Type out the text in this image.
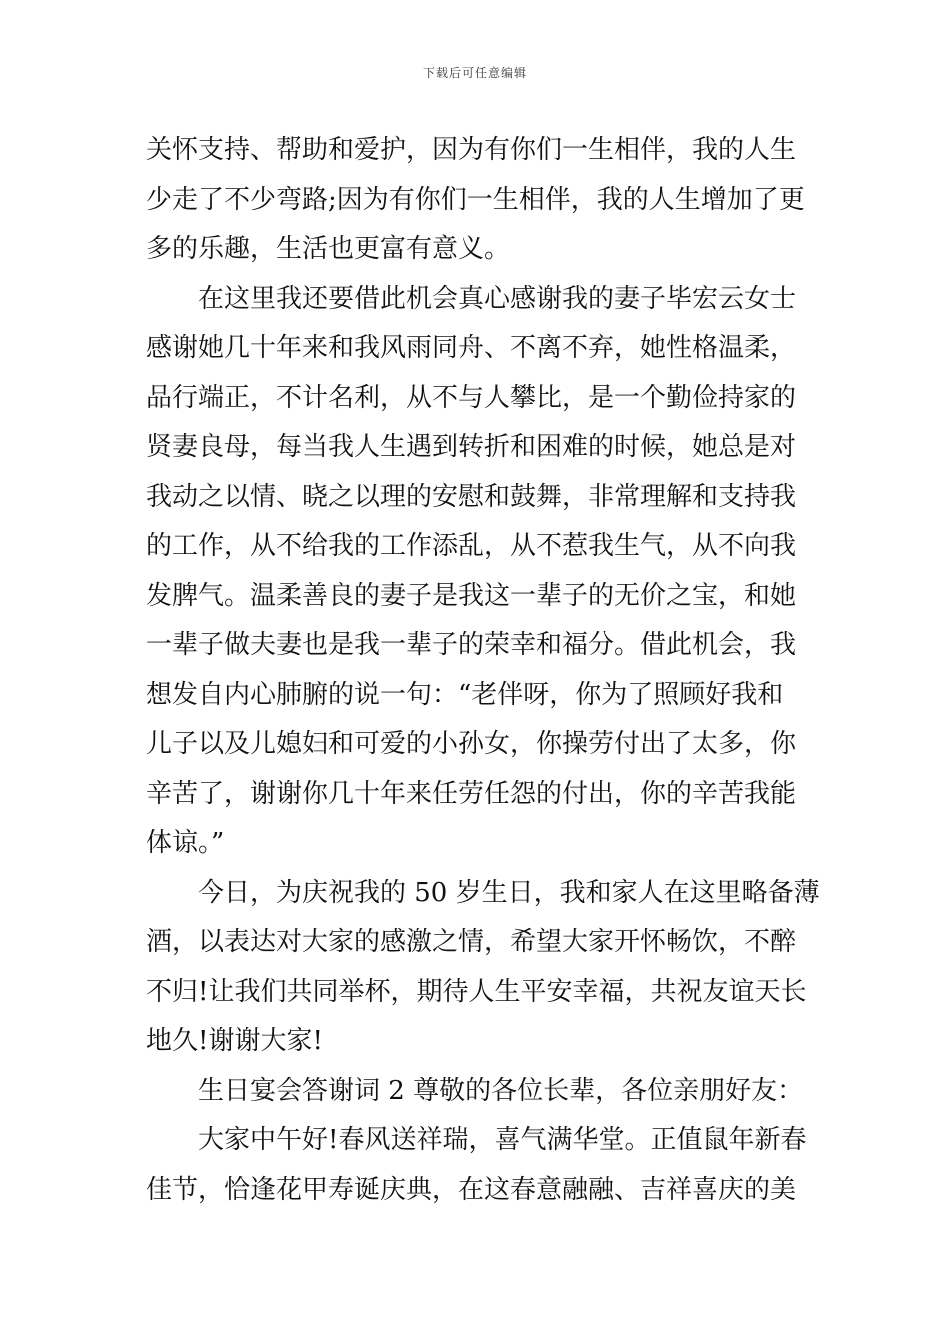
下载后可任意编辑
关怀支持、帮助和爱护，因为有你们一生相伴，我的人生
少走了不少弯路;因为有你们一生相伴，我的人生增加了更
多的乐趣，生活也更富有意义。
在这里我还要借此机会真心感谢我的妻子毕宏云女士
感谢她几十年来和我风雨同舟、不离不弃，她性格温柔，
品行端正，不计名利，从不与人攀比，是一个勤俭持家的
贤妻良母，每当我人生遇到转折和困难的时候，她总是对
我动之以情、晓之以理的安慰和鼓舞，非常理解和支持我
的工作，从不给我的工作添乱，从不惹我生气，从不向我
发脾气。温柔善良的妻子是我这一辈子的无价之宝，和她
一辈子做夫妻也是我一辈子的荣幸和福分。借此机会，我
想发自内心肺腑的说一句：“老伴呀，你为了照顾好我和
儿子以及儿媳妇和可爱的小孙女，你操劳付出了太多，你
辛苦了，谢谢你几十年来任劳任怨的付出，你的辛苦我能
体谅。”
今日，为庆祝我的 50 岁生日，我和家人在这里略备薄
酒，以表达对大家的感激之情，希望大家开怀畅饮，不醉
不归!让我们共同举杯，期待人生平安幸福，共祝友谊天长
地久!谢谢大家!
生日宴会答谢词 2 尊敬的各位长辈，各位亲朋好友：
大家中午好!春风送祥瑞，喜气满华堂。正值鼠年新春
佳节，恰逢花甲寿诞庆典，在这春意融融、吉祥喜庆的美
